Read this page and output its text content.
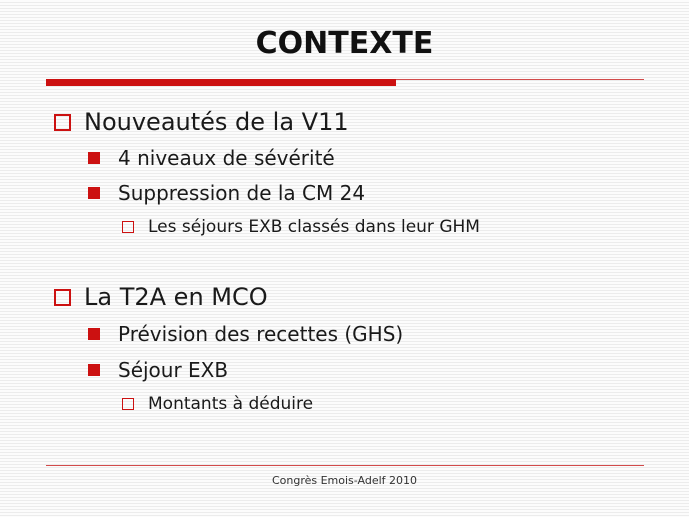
CONTEXTE
Nouveautés de la V11
4 niveaux de sévérité
Suppression de la CM 24
Les séjours EXB classés dans leur GHM
La T2A en MCO
Prévision des recettes (GHS)
Séjour EXB
Montants à déduire
Congrès Emois-Adelf 2010
